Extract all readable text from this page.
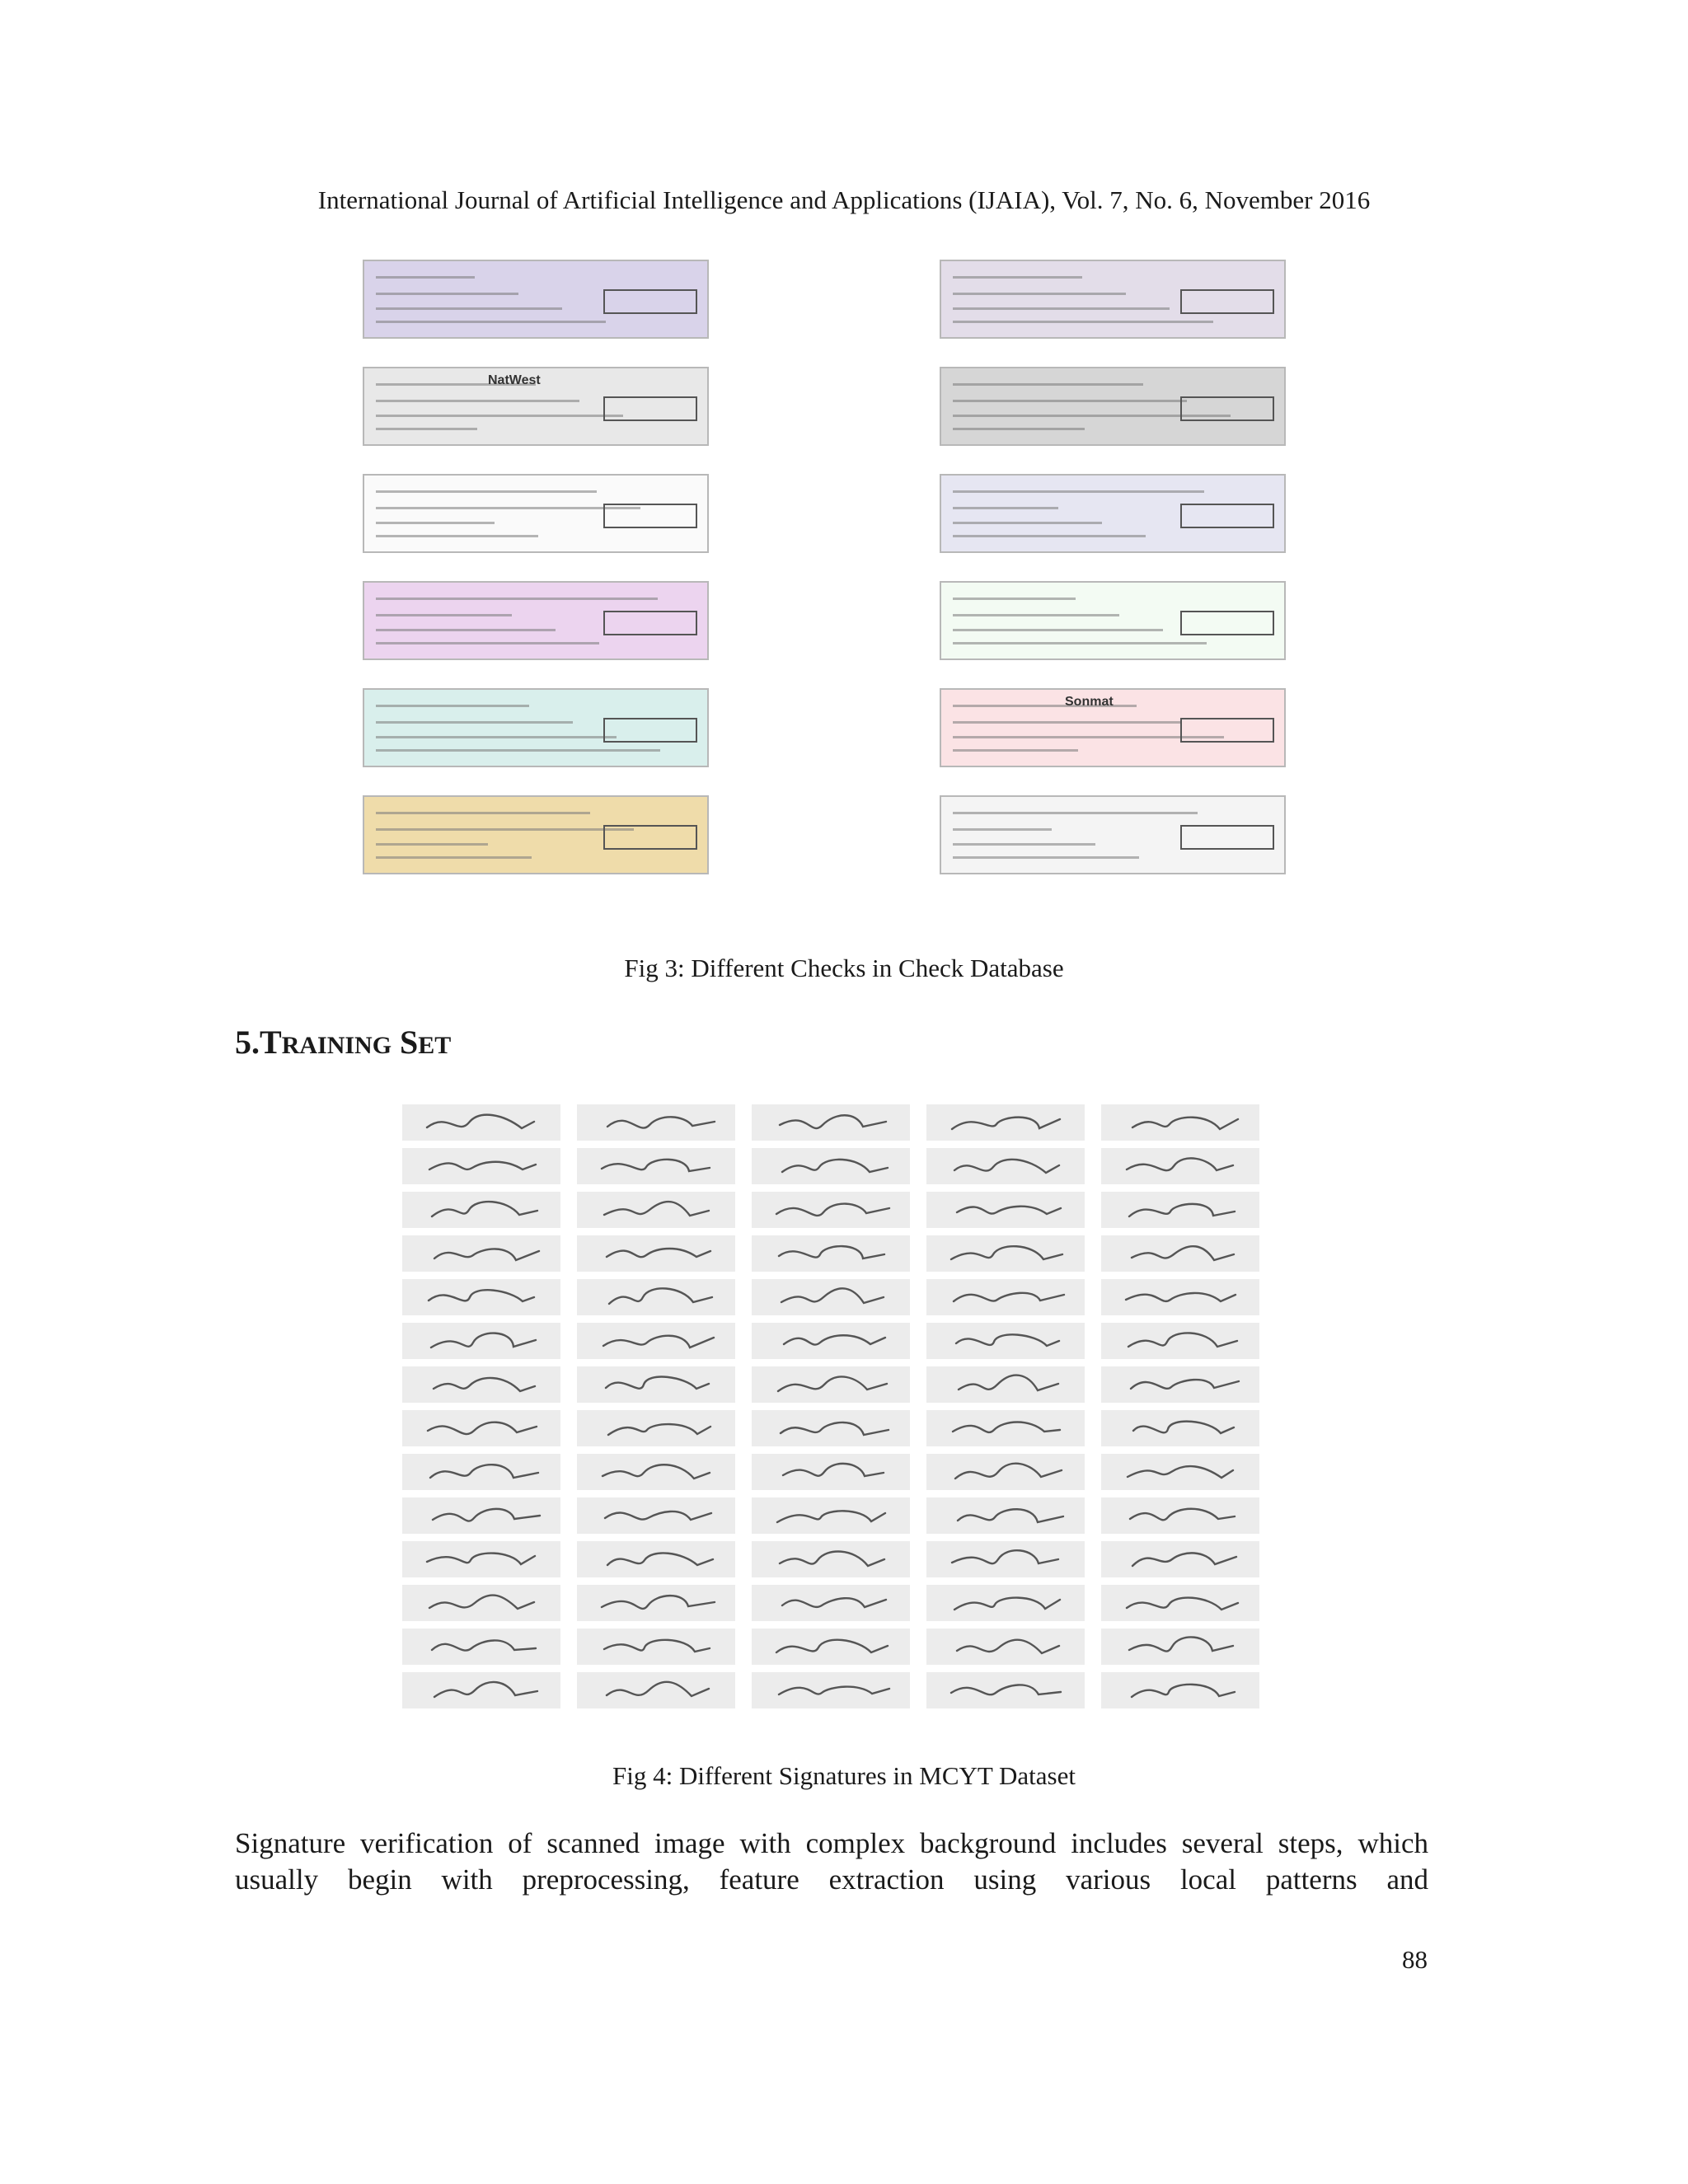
International Journal of Artificial Intelligence and Applications (IJAIA), Vol. 7, No. 6, November 2016
NatWest
Sonmat
Fig 3: Different Checks in Check Database
5.TRAINING SET
Fig 4: Different Signatures in MCYT Dataset

Signature verification of scanned image with complex background includes several steps, which

usually begin with preprocessing, feature extraction using various local patterns and

88
